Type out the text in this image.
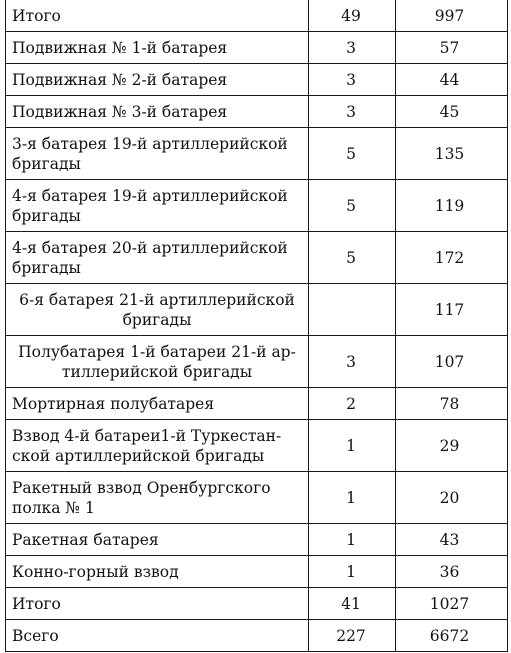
Итого	49	997
Подвижная № 1-й батарея	3	57
Подвижная № 2-й батарея	3	44
Подвижная № 3-й батарея	3	45
3-я батарея 19-й артиллерийской бригады	5	135
4-я батарея 19-й артиллерийской бригады	5	119
4-я батарея 20-й артиллерийской бригады	5	172
6-я батарея 21-й артиллерийской бригады		117
Полубатарея 1-й батареи 21-й ар-тиллерийской бригады	3	107
Мортирная полубатарея	2	78
Взвод 4-й батареи1-й Туркестан-ской артиллерийской бригады	1	29
Ракетный взвод Оренбургского полка № 1	1	20
Ракетная батарея	1	43
Конно-горный взвод	1	36
Итого	41	1027
Всего	227	6672
